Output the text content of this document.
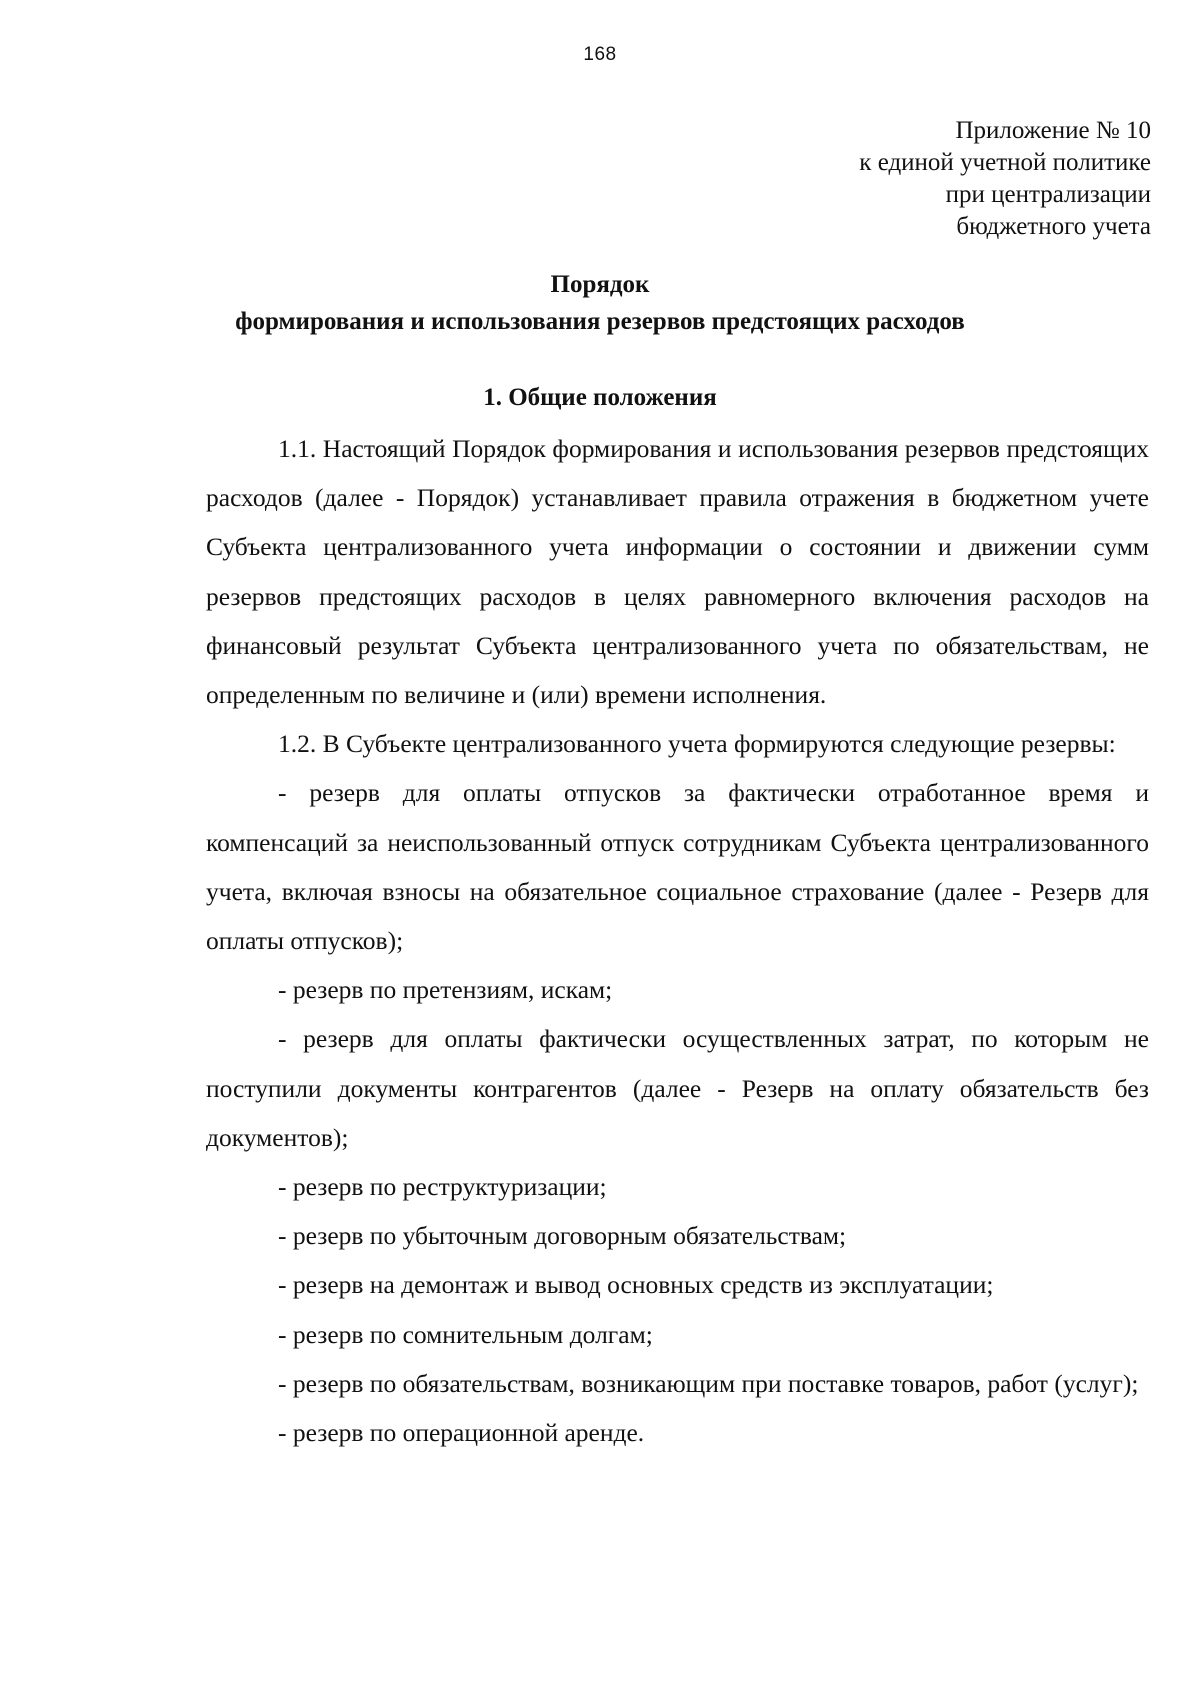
168
Приложение № 10
к единой учетной политике
при централизации
бюджетного учета
Порядок
формирования и использования резервов предстоящих расходов
1. Общие положения

1.1. Настоящий Порядок формирования и использования резервов предстоящих расходов (далее - Порядок) устанавливает правила отражения в бюджетном учете Субъекта централизованного учета информации о состоянии и движении сумм резервов предстоящих расходов в целях равномерного включения расходов на финансовый результат Субъекта централизованного учета по обязательствам, не определенным по величине и (или) времени исполнения.

1.2. В Субъекте централизованного учета формируются следующие резервы:

- резерв для оплаты отпусков за фактически отработанное время и компенсаций за неиспользованный отпуск сотрудникам Субъекта централизованного учета, включая взносы на обязательное социальное страхование (далее - Резерв для оплаты отпусков);
- резерв по претензиям, искам;
- резерв для оплаты фактически осуществленных затрат, по которым не поступили документы контрагентов (далее - Резерв на оплату обязательств без документов);
- резерв по реструктуризации;
- резерв по убыточным договорным обязательствам;
- резерв на демонтаж и вывод основных средств из эксплуатации;
- резерв по сомнительным долгам;
- резерв по обязательствам, возникающим при поставке товаров, работ (услуг);
- резерв по операционной аренде.
